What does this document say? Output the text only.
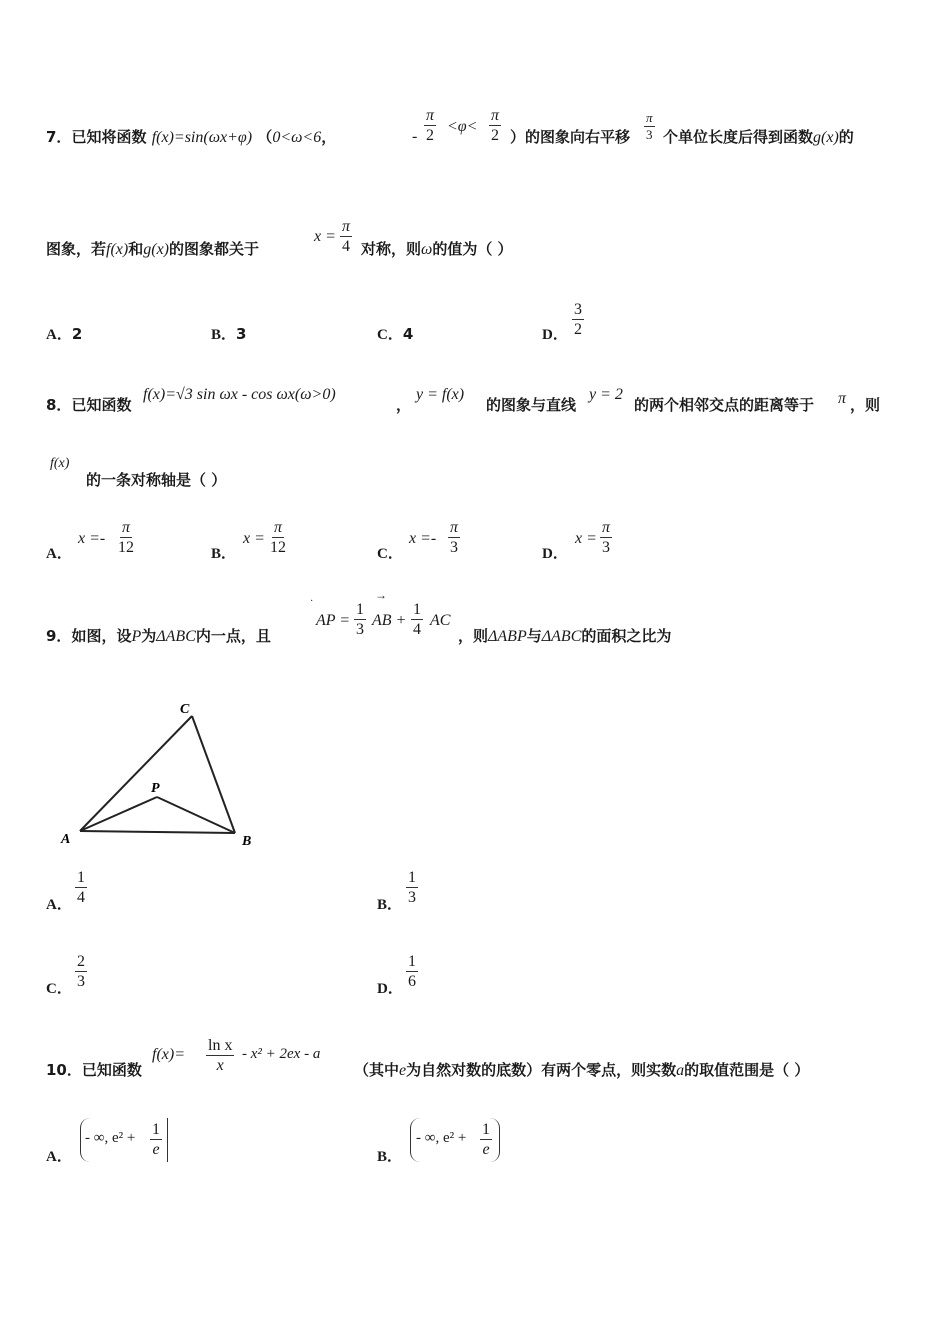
7．已知将函数 f(x)=sin(ωx+φ) （0<ω<6，	-
π
2
<φ<
π
2 ）的图象向右平移
π
3 个单位长度后得到函数g(x)的
图象，若f(x)和g(x)的图象都关于
x =
π
4 对称，则ω的值为（ ）
A．2	B．3	C．4	D．
3
2
8．已知函数
f(x)=√3 sin ωx - cos ωx(ω>0)
，
y = f(x)
的图象与直线
y = 2
的两个相邻交点的距离等于 π ，则
f(x)
的一条对称轴是（ ）
A．
x =-
π
12	B．
x =
π
12	C．
x =-
π
3	D．
x =
π
3
9．如图，设P为ΔABC内一点，且
AP =
·	1
3
→
AB +
1
4
AC
，则ΔABP与ΔABC的面积之比为
C
P
A	B
A．
1
4	B．
1
3
C．
2
3	D．
1
6
10．已知函数
f(x)=
ln x
x
- x² + 2ex - a
（其中e为自然对数的底数）有两个零点，则实数a的取值范围是（ ）
A．
- ∞, e² + 1
e	B．
- ∞, e² + 1
e
